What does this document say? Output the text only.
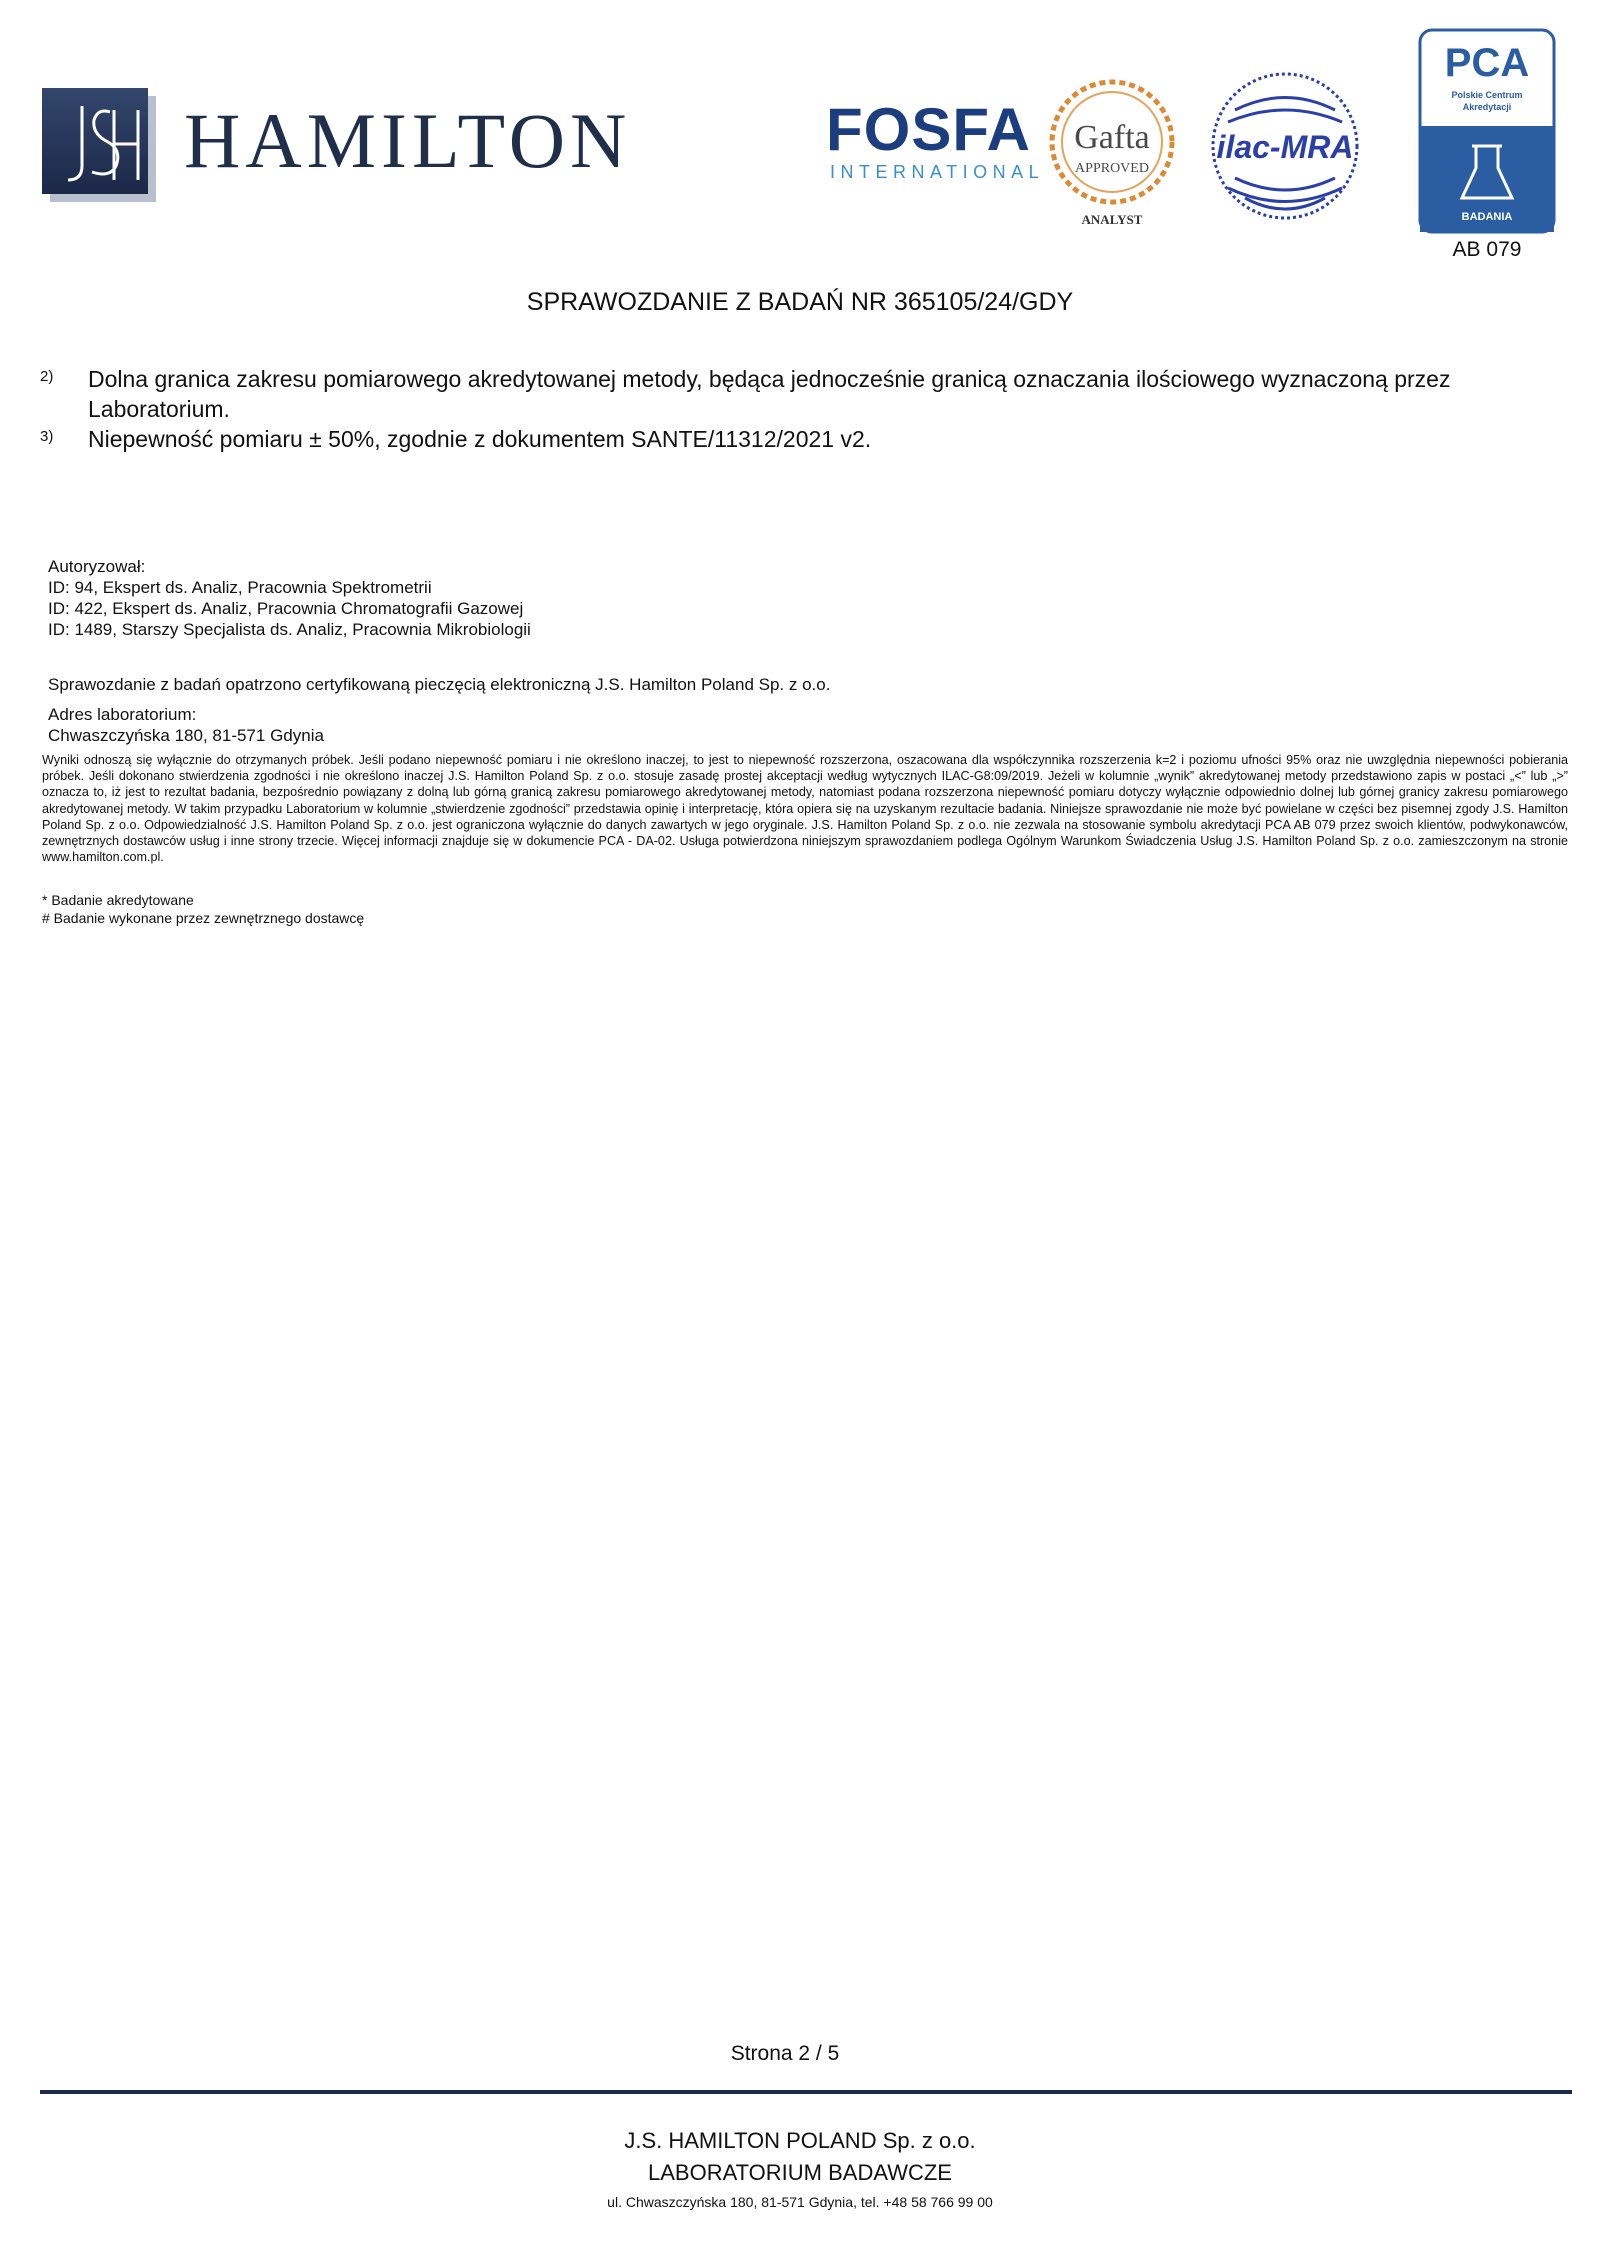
HAMILTON	FOSFA
INTERNATIONAL
Gafta
APPROVED
ANALYST
ilac-MRA
PCA
Polskie Centrum
Akredytacji
BADANIA
AB 079
SPRAWOZDANIE Z BADAŃ NR 365105/24/GDY
2) Dolna granica zakresu pomiarowego akredytowanej metody, będąca jednocześnie granicą oznaczania ilościowego wyznaczoną przez Laboratorium.
3) Niepewność pomiaru ± 50%, zgodnie z dokumentem SANTE/11312/2021 v2.
Autoryzował:
ID: 94, Ekspert ds. Analiz, Pracownia Spektrometrii
ID: 422, Ekspert ds. Analiz, Pracownia Chromatografii Gazowej
ID: 1489, Starszy Specjalista ds. Analiz, Pracownia Mikrobiologii
Sprawozdanie z badań opatrzono certyfikowaną pieczęcią elektroniczną J.S. Hamilton Poland Sp. z o.o.
Adres laboratorium:
Chwaszczyńska 180, 81-571 Gdynia
Wyniki odnoszą się wyłącznie do otrzymanych próbek. Jeśli podano niepewność pomiaru i nie określono inaczej, to jest to niepewność rozszerzona, oszacowana dla współczynnika rozszerzenia k=2 i poziomu ufności 95% oraz nie uwzględnia niepewności pobierania próbek. Jeśli dokonano stwierdzenia zgodności i nie określono inaczej J.S. Hamilton Poland Sp. z o.o. stosuje zasadę prostej akceptacji według wytycznych ILAC-G8:09/2019. Jeżeli w kolumnie „wynik” akredytowanej metody przedstawiono zapis w postaci „<” lub „>” oznacza to, iż jest to rezultat badania, bezpośrednio powiązany z dolną lub górną granicą zakresu pomiarowego akredytowanej metody, natomiast podana rozszerzona niepewność pomiaru dotyczy wyłącznie odpowiednio dolnej lub górnej granicy zakresu pomiarowego akredytowanej metody. W takim przypadku Laboratorium w kolumnie „stwierdzenie zgodności” przedstawia opinię i interpretację, która opiera się na uzyskanym rezultacie badania. Niniejsze sprawozdanie nie może być powielane w części bez pisemnej zgody J.S. Hamilton Poland Sp. z o.o. Odpowiedzialność J.S. Hamilton Poland Sp. z o.o. jest ograniczona wyłącznie do danych zawartych w jego oryginale. J.S. Hamilton Poland Sp. z o.o. nie zezwala na stosowanie symbolu akredytacji PCA AB 079 przez swoich klientów, podwykonawców, zewnętrznych dostawców usług i inne strony trzecie. Więcej informacji znajduje się w dokumencie PCA - DA-02. Usługa potwierdzona niniejszym sprawozdaniem podlega Ogólnym Warunkom Świadczenia Usług J.S. Hamilton Poland Sp. z o.o. zamieszczonym na stronie www.hamilton.com.pl.
* Badanie akredytowane
# Badanie wykonane przez zewnętrznego dostawcę
Strona 2 / 5
J.S. HAMILTON POLAND Sp. z o.o.
LABORATORIUM BADAWCZE
ul. Chwaszczyńska 180, 81-571 Gdynia, tel. +48 58 766 99 00
